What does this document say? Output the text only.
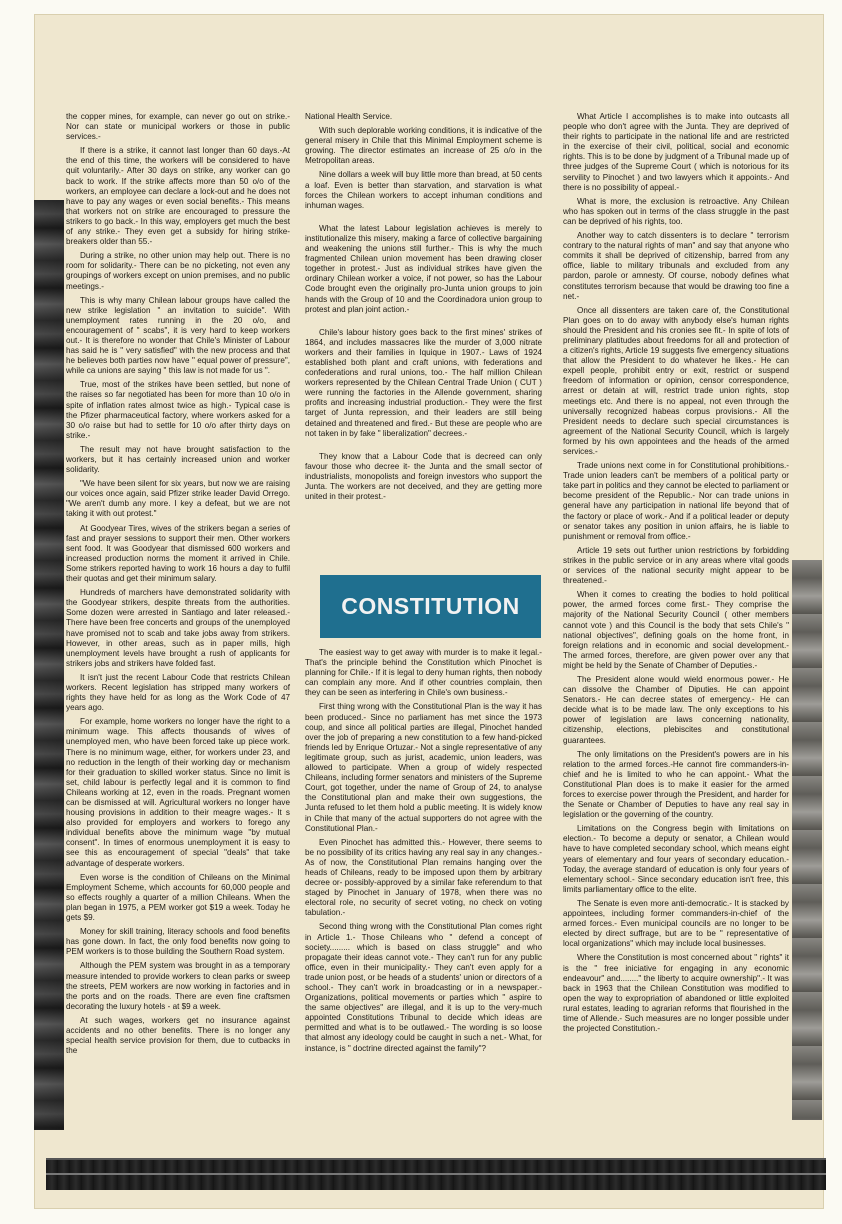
the copper mines, for example, can never go out on strike.- Nor can state or municipal workers or those in public services.-

If there is a strike, it cannot last longer than 60 days.-At the end of this time, the workers will be considered to have quit voluntarily.- After 30 days on strike, any worker can go back to work. If the strike affects more than 50 o/o of the workers, an employee can declare a lock-out and he does not have to pay any wages or even social benefits.- This means that workers not on strike are encouraged to pressure the strikers to go back.- In this way, employers get much the best of any strike.- They even get a subsidy for hiring strike-breakers older than 55.-

During a strike, no other union may help out. There is no room for solidarity.- There can be no picketing, not even any groupings of workers except on union premises, and no public meetings.-

This is why many Chilean labour groups have called the new strike legislation " an invitation to suicide". With unemployment rates running in the 20 o/o, and encouragement of " scabs", it is very hard to keep workers out.- It is therefore no wonder that Chile's Minister of Labour has said he is " very satisfied" with the new process and that he believes both parties now have " equal power of pressure", while ca unions are saying " this law is not made for us ".

True, most of the strikes have been settled, but none of the raises so far negotiated has been for more than 10 o/o in spite of inflation rates almost twice as high.- Typical case is the Pfizer pharmaceutical factory, where workers asked for a 30 o/o raise but had to settle for 10 o/o after thirty days on strike.-

The result may not have brought satisfaction to the workers, but it has certainly increased union and worker solidarity.

"We have been silent for six years, but now we are raising our voices once again, said Pfizer strike leader David Orrego. "We aren't dumb any more. I key a defeat, but we are not taking it with out protest."

At Goodyear Tires, wives of the strikers began a series of fast and prayer sessions to support their men. Other workers sent food. It was Goodyear that dismissed 600 workers and increased production norms the moment it arrived in Chile. Some strikers reported having to work 16 hours a day to fulfil their quotas and get their minimum salary.

Hundreds of marchers have demonstrated solidarity with the Goodyear strikers, despite threats from the authorities. Some dozen were arrested in Santiago and later released.- There have been free concerts and groups of the unemployed have promised not to scab and take jobs away from strikers. However, in other areas, such as in paper mills, high unemployment levels have brought a rush of applicants for strikers jobs and strikers have folded fast.

It isn't just the recent Labour Code that restricts Chilean workers. Recent legislation has stripped many workers of rights they have held for as long as the Work Code of 47 years ago.

For example, home workers no longer have the right to a minimum wage. This affects thousands of wives of unemployed men, who have been forced take up piece work. There is no minimum wage, either, for workers under 23, and no reduction in the length of their working day or mechanism for their graduation to skilled worker status. Since no limit is set, child labour is perfectly legal and it is common to find Chileans working at 12, even in the roads. Pregnant women can be dismissed at will. Agricultural workers no longer have housing provisions in addition to their meagre wages.- It s also provided for employers and workers to forego any individual benefits above the minimum wage "by mutual consent". In times of enormous unemployment it is easy to see this as encouragement of special "deals" that take advantage of desperate workers.

Even worse is the condition of Chileans on the Minimal Employment Scheme, which accounts for 60,000 people and so effects roughly a quarter of a million Chileans. When the plan began in 1975, a PEM worker got $19 a week. Today he gets $9.

Money for skill training, literacy schools and food benefits has gone down. In fact, the only food benefits now going to PEM workers is to those building the Southern Road system.

Although the PEM system was brought in as a temporary measure intended to provide workers to clean parks or sweep the streets, PEM workers are now working in factories and in the ports and on the roads. There are even fine craftsmen decorating the luxury hotels - at $9 a week.

At such wages, workers get no insurance against accidents and no other benefits. There is no longer any special health service provision for them, due to cutbacks in the

National Health Service.

With such deplorable working conditions, it is indicative of the general misery in Chile that this Minimal Employment scheme is growing. The director estimates an increase of 25 o/o in the Metropolitan areas.

Nine dollars a week will buy little more than bread, at 50 cents a loaf. Even is better than starvation, and starvation is what forces the Chilean workers to accept inhuman conditions and inhuman wages.

What the latest Labour legislation achieves is merely to institutionalize this misery, making a farce of collective bargaining and weakening the unions still further.- This is why the much fragmented Chilean union movement has been drawing closer together in protest.- Just as individual strikes have given the ordinary Chilean worker a voice, if not power, so has the Labour Code brought even the originally pro-Junta union groups to join hands with the Group of 10 and the Coordinadora union group to protest and plan joint action.-

Chile's labour history goes back to the first mines' strikes of 1864, and includes massacres like the murder of 3,000 nitrate workers and their families in Iquique in 1907.- Laws of 1924 established both plant and craft unions, with federations and confederations and rural unions, too.- The half million Chilean workers represented by the Chilean Central Trade Union ( CUT ) were running the factories in the Allende government, sharing profits and increasing industrial production.- They were the first target of Junta repression, and their leaders are still being detained and threatened and fired.- But these are people who are not taken in by fake " liberalization" decrees.-

They know that a Labour Code that is decreed can only favour those who decree it- the Junta and the small sector of industrialists, monopolists and foreign investors who support the Junta. The workers are not deceived, and they are getting more united in their protest.-

CONSTITUTION

The easiest way to get away with murder is to make it legal.-That's the principle behind the Constitution which Pinochet is planning for Chile.- If it is legal to deny human rights, then nobody can complain any more. And if other countries complain, then they can be seen as interfering in Chile's own business.-

First thing wrong with the Constitutional Plan is the way it has been produced.- Since no parliament has met since the 1973 coup, and since all political parties are illegal, Pinochet handed over the job of preparing a new constitution to a few hand-picked friends led by Enrique Ortuzar.- Not a single representative of any legitimate group, such as jurist, academic, union leaders, was allowed to participate. When a group of widely respected Chileans, including former senators and ministers of the Supreme Court, got together, under the name of Group of 24, to analyse the Constitutional plan and make their own suggestions, the Junta refused to let them hold a public meeting. It is widely know in Chile that many of the actual supporters do not agree with the Constitutional Plan.-

Even Pinochet has admitted this.- However, there seems to be no possibility of its critics having any real say in any changes.- As of now, the Constitutional Plan remains hanging over the heads of Chileans, ready to be imposed upon them by arbitrary decree or- possibly-approved by a similar fake referendum to that staged by Pinochet in January of 1978, when there was no electoral role, no security of secret voting, no check on voting tabulation.-

Second thing wrong with the Constitutional Plan comes right in Article 1.- Those Chileans who " defend a concept of society......... which is based on class struggle" and who propagate their ideas cannot vote.- They can't run for any public office, even in their municipality.- They can't even apply for a trade union post, or be heads of a students' union or directors of a school.- They can't work in broadcasting or in a newspaper.- Organizations, political movements or parties which " aspire to the same objectives" are illegal, and it is up to the very-much appointed Constitutions Tribunal to decide which ideas are permitted and what is to be outlawed.- The wording is so loose that almost any ideology could be caught in such a net.- What, for instance, is " doctrine directed against the family"?

What Article I accomplishes is to make into outcasts all people who don't agree with the Junta. They are deprived of their rights to participate in the national life and are restricted in the exercise of their civil, political, social and economic rights. This is to be done by judgment of a Tribunal made up of three judges of the Supreme Court ( which is notorious for its servility to Pinochet ) and two lawyers which it appoints.- And there is no possibility of appeal.-

What is more, the exclusion is retroactive. Any Chilean who has spoken out in terms of the class struggle in the past can be deprived of his rights, too.

Another way to catch dissenters is to declare " terrorism contrary to the natural rights of man" and say that anyone who commits it shall be deprived of citizenship, barred from any office, liable to military tribunals and excluded from any pardon, parole or amnesty. Of course, nobody defines what constitutes terrorism because that would be drawing too fine a net.-

Once all dissenters are taken care of, the Constitutional Plan goes on to do away with anybody else's human rights should the President and his cronies see fit.- In spite of lots of preliminary platitudes about freedoms for all and protection of a citizen's rights, Article 19 suggests five emergency situations that allow the President to do whatever he likes.- He can expell people, prohibit entry or exit, restrict or suspend freedom of information or opinion, censor correspondence, arrest or detain at will, restrict trade union rights, stop meetings etc. And there is no appeal, not even through the universally recognized habeas corpus provisions.- All the President needs to declare such special circumstances is agreement of the National Security Council, which is largely formed by his own appointees and the heads of the armed services.-

Trade unions next come in for Constitutional prohibitions.- Trade union leaders can't be members of a political party or take part in politics and they cannot be elected to parliament or become president of the Republic.- Nor can trade unions in general have any participation in national life beyond that of the factory or place of work.- And if a political leader or deputy or senator takes any position in union affairs, he is liable to punishment or removal from office.-

Article 19 sets out further union restrictions by forbidding strikes in the public service or in any areas where vital goods or services of the national security might appear to be threatened.-

When it comes to creating the bodies to hold political power, the armed forces come first.- They comprise the majority of the National Security Council ( other members cannot vote ) and this Council is the body that sets Chile's " national objectives", defining goals on the home front, in foreign relations and in economic and social development.- The armed forces, therefore, are given power over any that might be held by the Senate of Chamber of Deputies.-

The President alone would wield enormous power.- He can dissolve the Chamber of Diputies. He can appoint Senators.- He can decree states of emergency.- He can decide what is to be made law. The only exceptions to his power of legislation are laws concerning nationality, citizenship, elections, plebiscites and constitutional guarantees.

The only limitations on the President's powers are in his relation to the armed forces.-He cannot fire commanders-in-chief and he is limited to who he can appoint.- What the Constitutional Plan does is to make it easier for the armed forces to exercise power through the President, and harder for the Senate or Chamber of Deputies to have any real say in legislation or the governing of the country.

Limitations on the Congress begin with limitations on election.- To become a deputy or senator, a Chilean would have to have completed secondary school, which means eight years of elementary and four years of secondary education.- Today, the average standard of education is only four years of elementary school.- Since secondary education isn't free, this limits parliamentary office to the elite.

The Senate is even more anti-democratic.- It is stacked by appointees, including former commanders-in-chief of the armed forces.- Even municipal councils are no longer to be elected by direct suffrage, but are to be " representative of local organizations" which may include local businesses.

Where the Constitution is most concerned about " rights" it is the " free iniciative for engaging in any economic endeavour" and........" the liberty to acquire ownership".- It was back in 1963 that the Chilean Constitution was modified to open the way to expropriation of abandoned or little exploited rural estates, leading to agrarian reforms that flourished in the time of Allende.- Such measures are no longer possible under the projected Constitution.-
